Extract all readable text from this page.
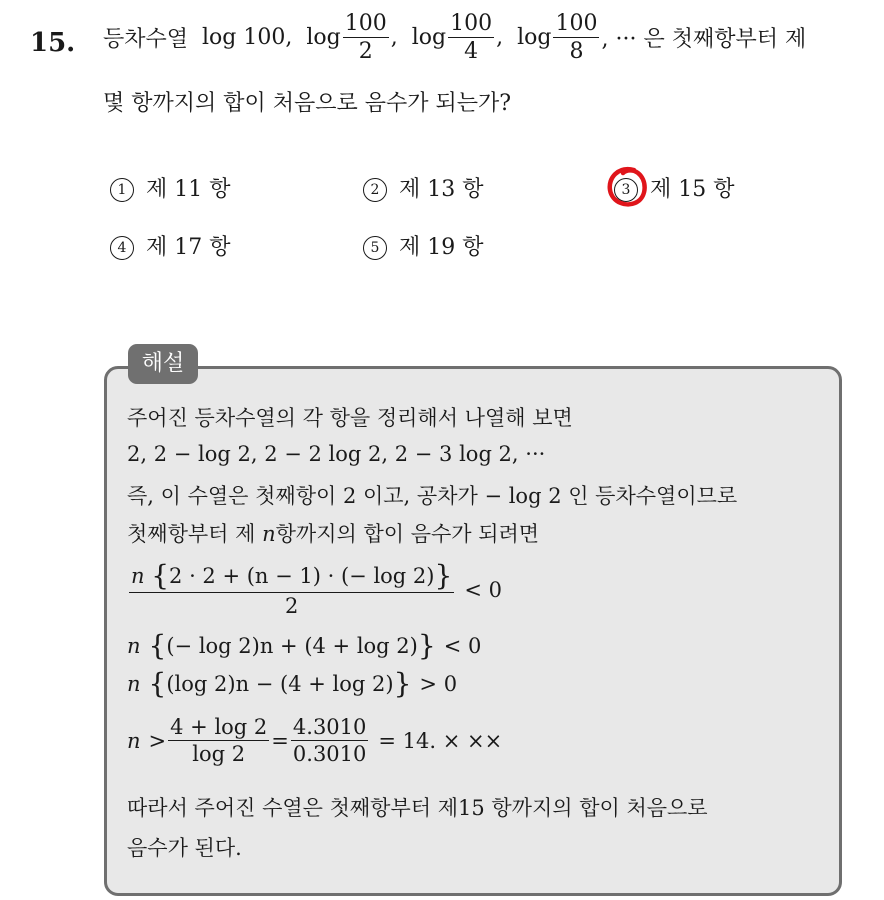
15. 등차수열 log 100, $\log \frac{100}{2}$ , $\log \frac{100}{4}$ , $\log \frac{100}{8}$ , ··· 은 첫째항부터 제
몇 항까지의 합이 처음으로 음수가 되는가?
1 제 11 항	2 제 13 항	3 제 15 항
4 제 17 항	5 제 19 항
해설
주어진 등차수열의 각 항을 정리해서 나열해 보면
2, 2 − log 2, 2 − 2 log 2, 2 − 3 log 2, ···
즉, 이 수열은 첫째항이 2 이고, 공차가 − log 2 인 등차수열이므로
첫째항부터 제 n항까지의 합이 음수가 되려면
$\frac{n \{2 \cdot 2 + (n - 1) \cdot (- \log 2)\}}{2} < 0$
n { (− log 2)n + (4 + log 2) } < 0
n { (log 2)n − (4 + log 2) } > 0
$n > \frac{4 + \log 2}{\log 2} = \frac{4.3010}{0.3010} = 14$. × ××
따라서 주어진 수열은 첫째항부터 제15 항까지의 합이 처음으로
음수가 된다.
